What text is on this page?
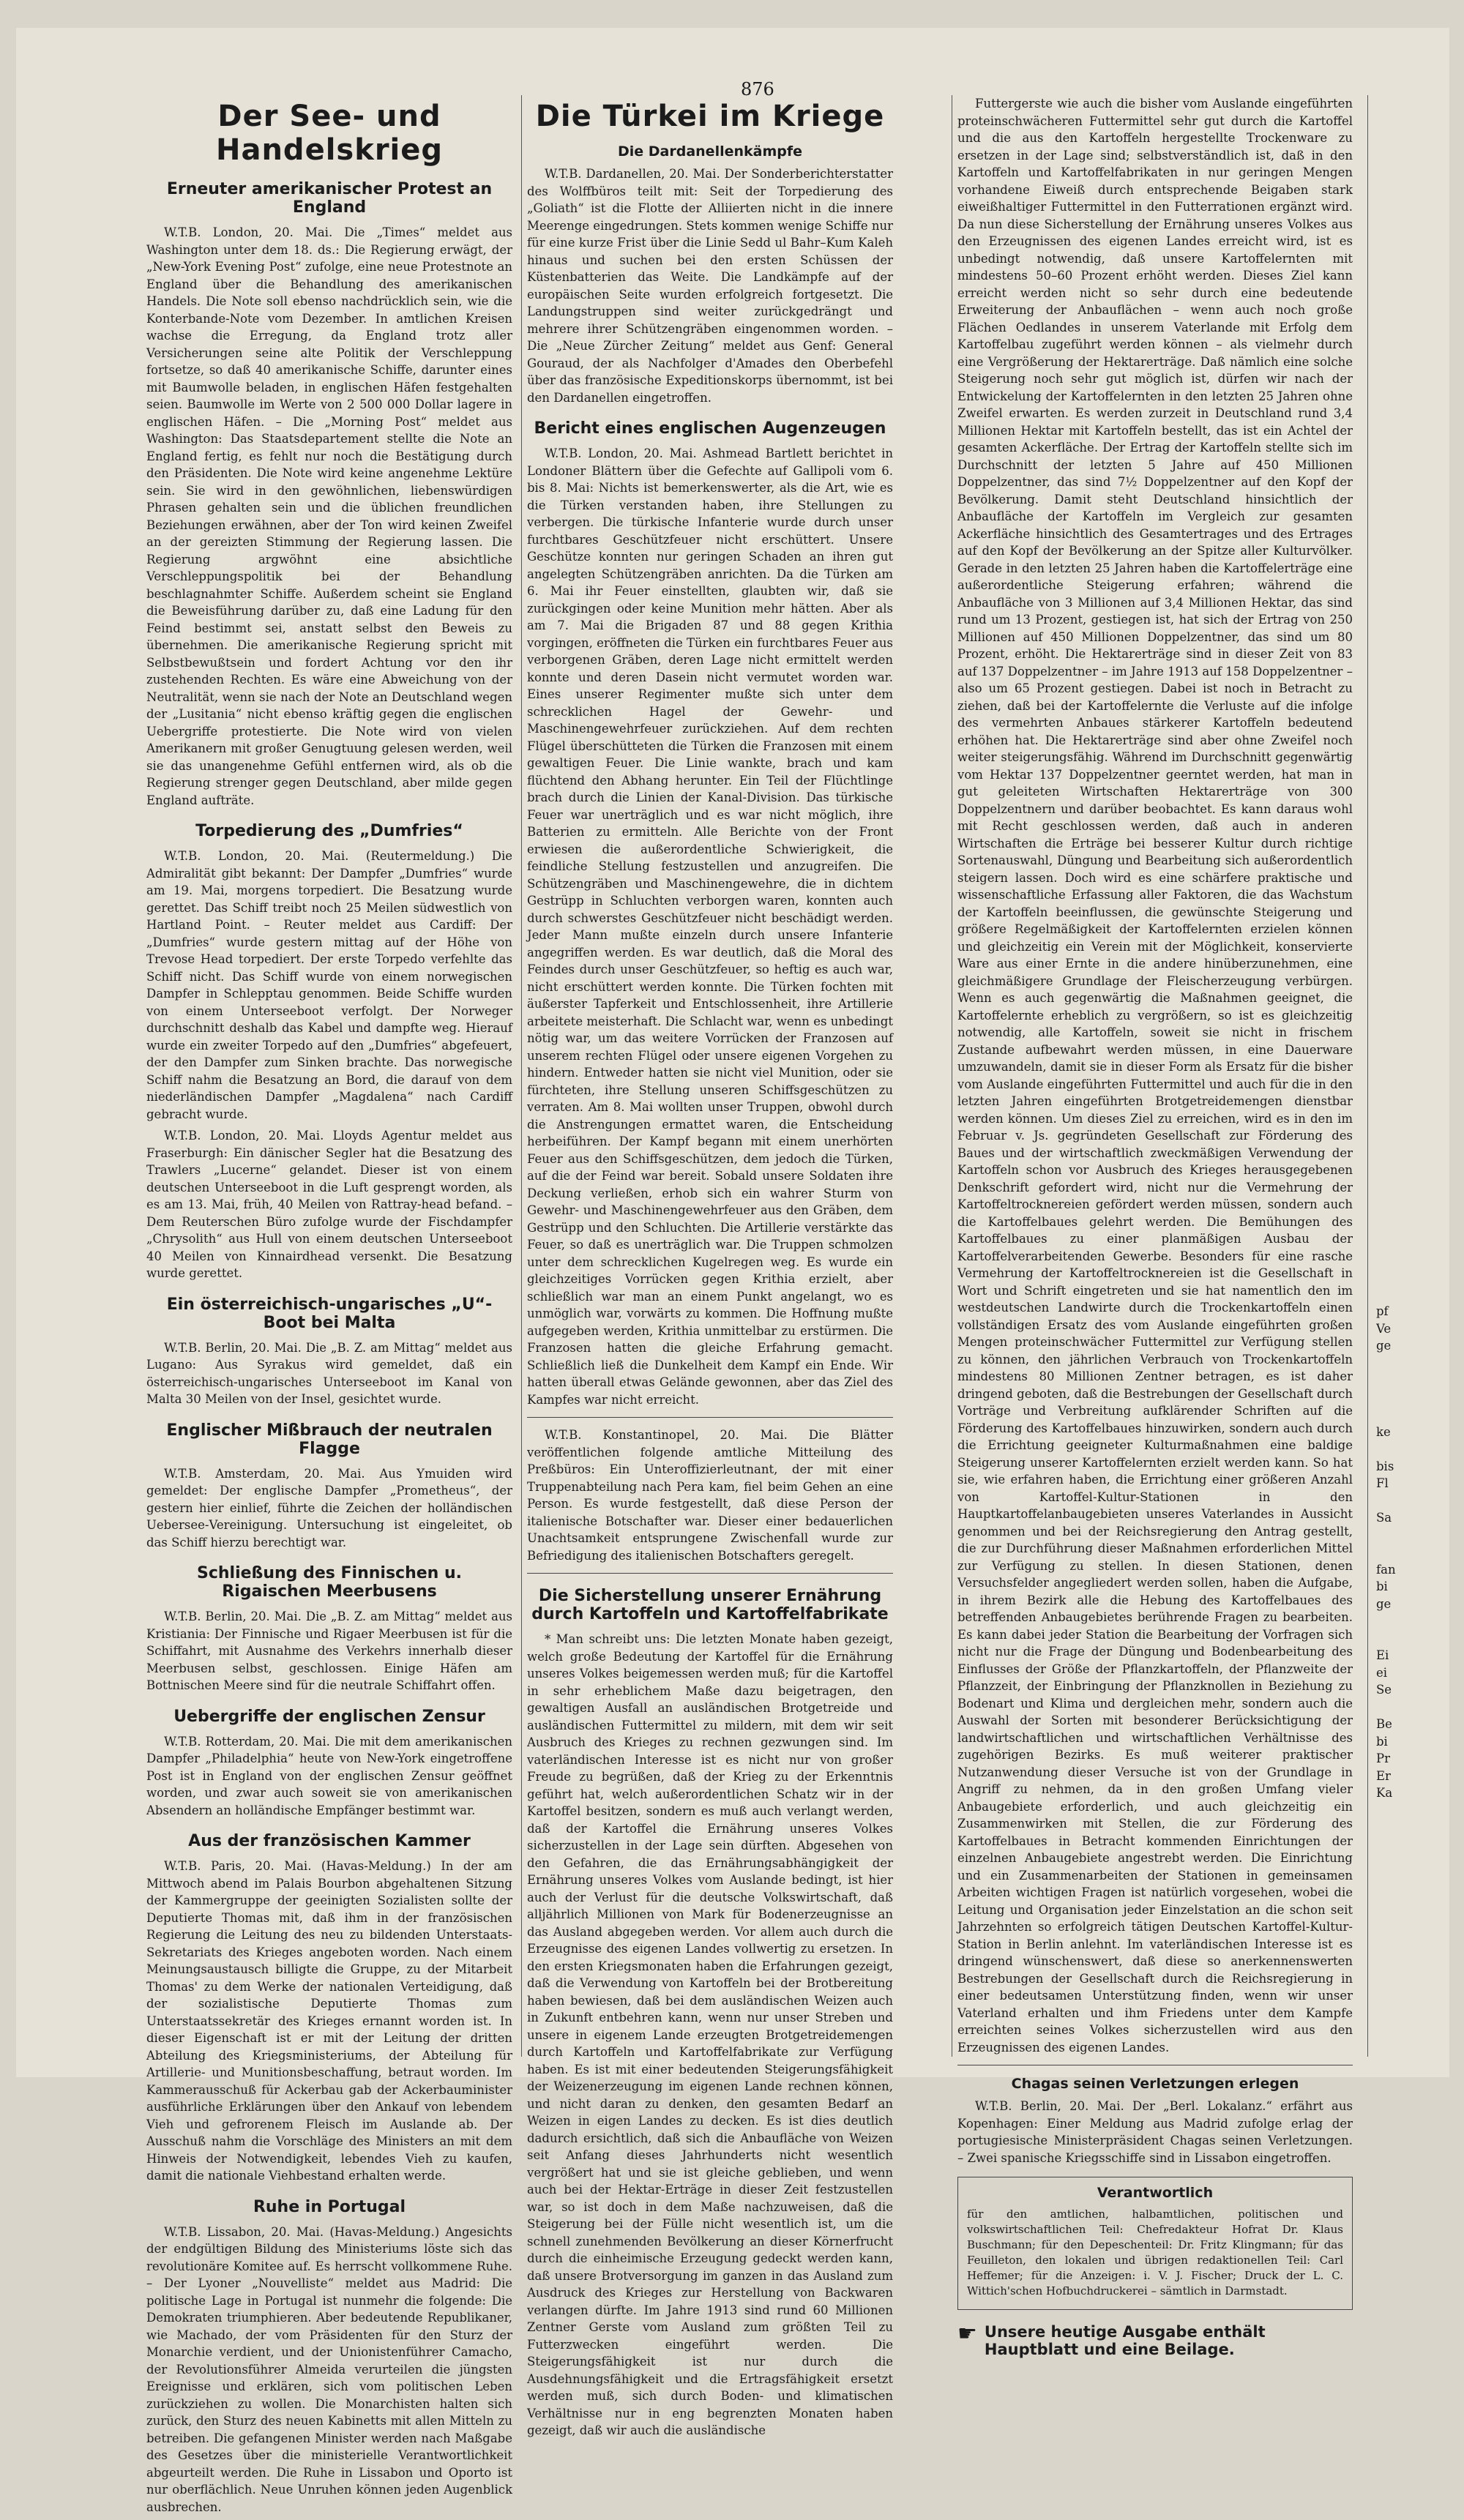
876
Der See- und Handelskrieg
Erneuter amerikanischer Protest an England

W.T.B. London, 20. Mai. Die „Times“ meldet aus Washington unter dem 18. ds.: Die Regierung erwägt, der „New-York Evening Post“ zufolge, eine neue Protestnote an England über die Behandlung des amerikanischen Handels. Die Note soll ebenso nachdrücklich sein, wie die Konterbande-Note vom Dezember. In amtlichen Kreisen wachse die Erregung, da England trotz aller Versicherungen seine alte Politik der Verschleppung fortsetze, so daß 40 amerikanische Schiffe, darunter eines mit Baumwolle beladen, in englischen Häfen festgehalten seien. Baumwolle im Werte von 2 500 000 Dollar lagere in englischen Häfen. – Die „Morning Post“ meldet aus Washington: Das Staatsdepartement stellte die Note an England fertig, es fehlt nur noch die Bestätigung durch den Präsidenten. Die Note wird keine angenehme Lektüre sein. Sie wird in den gewöhnlichen, liebenswürdigen Phrasen gehalten sein und die üblichen freundlichen Beziehungen erwähnen, aber der Ton wird keinen Zweifel an der gereizten Stimmung der Regierung lassen. Die Regierung argwöhnt eine absichtliche Verschleppungspolitik bei der Behandlung beschlagnahmter Schiffe. Außerdem scheint sie England die Beweisführung darüber zu, daß eine Ladung für den Feind bestimmt sei, anstatt selbst den Beweis zu übernehmen. Die amerikanische Regierung spricht mit Selbstbewußtsein und fordert Achtung vor den ihr zustehenden Rechten. Es wäre eine Abweichung von der Neutralität, wenn sie nach der Note an Deutschland wegen der „Lusitania“ nicht ebenso kräftig gegen die englischen Uebergriffe protestierte. Die Note wird von vielen Amerikanern mit großer Genugtuung gelesen werden, weil sie das unangenehme Gefühl entfernen wird, als ob die Regierung strenger gegen Deutschland, aber milde gegen England aufträte.

Torpedierung des „Dumfries“

W.T.B. London, 20. Mai. (Reutermeldung.) Die Admiralität gibt bekannt: Der Dampfer „Dumfries“ wurde am 19. Mai, morgens torpediert. Die Besatzung wurde gerettet. Das Schiff treibt noch 25 Meilen südwestlich von Hartland Point. – Reuter meldet aus Cardiff: Der „Dumfries“ wurde gestern mittag auf der Höhe von Trevose Head torpediert. Der erste Torpedo verfehlte das Schiff nicht. Das Schiff wurde von einem norwegischen Dampfer in Schlepptau genommen. Beide Schiffe wurden von einem Unterseeboot verfolgt. Der Norweger durchschnitt deshalb das Kabel und dampfte weg. Hierauf wurde ein zweiter Torpedo auf den „Dumfries“ abgefeuert, der den Dampfer zum Sinken brachte. Das norwegische Schiff nahm die Besatzung an Bord, die darauf von dem niederländischen Dampfer „Magdalena“ nach Cardiff gebracht wurde.

W.T.B. London, 20. Mai. Lloyds Agentur meldet aus Fraserburgh: Ein dänischer Segler hat die Besatzung des Trawlers „Lucerne“ gelandet. Dieser ist von einem deutschen Unterseeboot in die Luft gesprengt worden, als es am 13. Mai, früh, 40 Meilen von Rattray-head befand. – Dem Reuterschen Büro zufolge wurde der Fischdampfer „Chrysolith“ aus Hull von einem deutschen Unterseeboot 40 Meilen von Kinnairdhead versenkt. Die Besatzung wurde gerettet.

Ein österreichisch-ungarisches „U“-Boot bei Malta

W.T.B. Berlin, 20. Mai. Die „B. Z. am Mittag“ meldet aus Lugano: Aus Syrakus wird gemeldet, daß ein österreichisch-ungarisches Unterseeboot im Kanal von Malta 30 Meilen von der Insel, gesichtet wurde.

Englischer Mißbrauch der neutralen Flagge

W.T.B. Amsterdam, 20. Mai. Aus Ymuiden wird gemeldet: Der englische Dampfer „Prometheus“, der gestern hier einlief, führte die Zeichen der holländischen Ueberseе-Vereinigung. Untersuchung ist eingeleitet, ob das Schiff hierzu berechtigt war.

Schließung des Finnischen u. Rigaischen Meerbusens

W.T.B. Berlin, 20. Mai. Die „B. Z. am Mittag“ meldet aus Kristiania: Der Finnische und Rigaer Meerbusen ist für die Schiffahrt, mit Ausnahme des Verkehrs innerhalb dieser Meerbusen selbst, geschlossen. Einige Häfen am Bottnischen Meere sind für die neutrale Schiffahrt offen.

Uebergriffe der englischen Zensur

W.T.B. Rotterdam, 20. Mai. Die mit dem amerikanischen Dampfer „Philadelphia“ heute von New-York eingetroffene Post ist in England von der englischen Zensur geöffnet worden, und zwar auch soweit sie von amerikanischen Absendern an holländische Empfänger bestimmt war.

Aus der französischen Kammer

W.T.B. Paris, 20. Mai. (Havas-Meldung.) In der am Mittwoch abend im Palais Bourbon abgehaltenen Sitzung der Kammergruppe der geeinigten Sozialisten sollte der Deputierte Thomas mit, daß ihm in der französischen Regierung die Leitung des neu zu bildenden Unterstaats-Sekretariats des Krieges angeboten worden. Nach einem Meinungsaustausch billigte die Gruppe, zu der Mitarbeit Thomas' zu dem Werke der nationalen Verteidigung, daß der sozialistische Deputierte Thomas zum Unterstaatssekretär des Krieges ernannt worden ist. In dieser Eigenschaft ist er mit der Leitung der dritten Abteilung des Kriegsministeriums, der Abteilung für Artillerie- und Munitionsbeschaffung, betraut worden. Im Kammerausschuß für Ackerbau gab der Ackerbauminister ausführliche Erklärungen über den Ankauf von lebendem Vieh und gefrorenem Fleisch im Auslande ab. Der Ausschuß nahm die Vorschläge des Ministers an mit dem Hinweis der Notwendigkeit, lebendes Vieh zu kaufen, damit die nationale Viehbestand erhalten werde.

Ruhe in Portugal

W.T.B. Lissabon, 20. Mai. (Havas-Meldung.) Angesichts der endgültigen Bildung des Ministeriums löste sich das revolutionäre Komitee auf. Es herrscht vollkommene Ruhe. – Der Lyoner „Nouvelliste“ meldet aus Madrid: Die politische Lage in Portugal ist nunmehr die folgende: Die Demokraten triumphieren. Aber bedeutende Republikaner, wie Machado, der vom Präsidenten für den Sturz der Monarchie verdient, und der Unionistenführer Camacho, der Revolutionsführer Almeida verurteilen die jüngsten Ereignisse und erklären, sich vom politischen Leben zurückziehen zu wollen. Die Monarchisten halten sich zurück, den Sturz des neuen Kabinetts mit allen Mitteln zu betreiben. Die gefangenen Minister werden nach Maßgabe des Gesetzes über die ministerielle Verantwortlichkeit abgeurteilt werden. Die Ruhe in Lissabon und Oporto ist nur oberflächlich. Neue Unruhen können jeden Augenblick ausbrechen.

Die Türkei im Kriege
Die Dardanellenkämpfe

W.T.B. Dardanellen, 20. Mai. Der Sonderberichterstatter des Wolffbüros teilt mit: Seit der Torpedierung des „Goliath“ ist die Flotte der Alliierten nicht in die innere Meerenge eingedrungen. Stets kommen wenige Schiffe nur für eine kurze Frist über die Linie Sedd ul Bahr–Kum Kaleh hinaus und suchen bei den ersten Schüssen der Küstenbatterien das Weite. Die Landkämpfe auf der europäischen Seite wurden erfolgreich fortgesetzt. Die Landungstruppen sind weiter zurückgedrängt und mehrere ihrer Schützengräben eingenommen worden. – Die „Neue Zürcher Zeitung“ meldet aus Genf: General Gouraud, der als Nachfolger d'Amades den Oberbefehl über das französische Expeditionskorps übernommt, ist bei den Dardanellen eingetroffen.

Bericht eines englischen Augenzeugen

W.T.B. London, 20. Mai. Ashmead Bartlett berichtet in Londoner Blättern über die Gefechte auf Gallipoli vom 6. bis 8. Mai: Nichts ist bemerkenswerter, als die Art, wie es die Türken verstanden haben, ihre Stellungen zu verbergen. Die türkische Infanterie wurde durch unser furchtbares Geschützfeuer nicht erschüttert. Unsere Geschütze konnten nur geringen Schaden an ihren gut angelegten Schützengräben anrichten. Da die Türken am 6. Mai ihr Feuer einstellten, glaubten wir, daß sie zurückgingen oder keine Munition mehr hätten. Aber als am 7. Mai die Brigaden 87 und 88 gegen Krithia vorgingen, eröffneten die Türken ein furchtbares Feuer aus verborgenen Gräben, deren Lage nicht ermittelt werden konnte und deren Dasein nicht vermutet worden war. Eines unserer Regimenter mußte sich unter dem schrecklichen Hagel der Gewehr- und Maschinengewehrfeuer zurückziehen. Auf dem rechten Flügel überschütteten die Türken die Franzosen mit einem gewaltigen Feuer. Die Linie wankte, brach und kam flüchtend den Abhang herunter. Ein Teil der Flüchtlinge brach durch die Linien der Kanal-Division. Das türkische Feuer war unerträglich und es war nicht möglich, ihre Batterien zu ermitteln. Alle Berichte von der Front erwiesen die außerordentliche Schwierigkeit, die feindliche Stellung festzustellen und anzugreifen. Die Schützengräben und Maschinengewehre, die in dichtem Gestrüpp in Schluchten verborgen waren, konnten auch durch schwerstes Geschützfeuer nicht beschädigt werden. Jeder Mann mußte einzeln durch unsere Infanterie angegriffen werden. Es war deutlich, daß die Moral des Feindes durch unser Geschützfeuer, so heftig es auch war, nicht erschüttert werden konnte. Die Türken fochten mit äußerster Tapferkeit und Entschlossenheit, ihre Artillerie arbeitete meisterhaft. Die Schlacht war, wenn es unbedingt nötig war, um das weitere Vorrücken der Franzosen auf unserem rechten Flügel oder unsere eigenen Vorgehen zu hindern. Entweder hatten sie nicht viel Munition, oder sie fürchteten, ihre Stellung unseren Schiffsgeschützen zu verraten. Am 8. Mai wollten unser Truppen, obwohl durch die Anstrengungen ermattet waren, die Entscheidung herbeiführen. Der Kampf begann mit einem unerhörten Feuer aus den Schiffsgeschützen, dem jedoch die Türken, auf die der Feind war bereit. Sobald unsere Soldaten ihre Deckung verließen, erhob sich ein wahrer Sturm von Gewehr- und Maschinengewehrfeuer aus den Gräben, dem Gestrüpp und den Schluchten. Die Artillerie verstärkte das Feuer, so daß es unerträglich war. Die Truppen schmolzen unter dem schrecklichen Kugelregen weg. Es wurde ein gleichzeitiges Vorrücken gegen Krithia erzielt, aber schließlich war man an einem Punkt angelangt, wo es unmöglich war, vorwärts zu kommen. Die Hoffnung mußte aufgegeben werden, Krithia unmittelbar zu erstürmen. Die Franzosen hatten die gleiche Erfahrung gemacht. Schließlich ließ die Dunkelheit dem Kampf ein Ende. Wir hatten überall etwas Gelände gewonnen, aber das Ziel des Kampfes war nicht erreicht.

W.T.B. Konstantinopel, 20. Mai. Die Blätter veröffentlichen folgende amtliche Mitteilung des Preßbüros: Ein Unteroffizierleutnant, der mit einer Truppenabteilung nach Pera kam, fiel beim Gehen an eine Person. Es wurde festgestellt, daß diese Person der italienische Botschafter war. Dieser einer bedauerlichen Unachtsamkeit entsprungene Zwischenfall wurde zur Befriedigung des italienischen Botschafters geregelt.

Die Sicherstellung unserer Ernährung durch Kartoffeln und Kartoffelfabrikate

* Man schreibt uns: Die letzten Monate haben gezeigt, welch große Bedeutung der Kartoffel für die Ernährung unseres Volkes beigemessen werden muß; für die Kartoffel in sehr erheblichem Maße dazu beigetragen, den gewaltigen Ausfall an ausländischen Brotgetreide und ausländischen Futtermittel zu mildern, mit dem wir seit Ausbruch des Krieges zu rechnen gezwungen sind. Im vaterländischen Interesse ist es nicht nur von großer Freude zu begrüßen, daß der Krieg zu der Erkenntnis geführt hat, welch außerordentlichen Schatz wir in der Kartoffel besitzen, sondern es muß auch verlangt werden, daß der Kartoffel die Ernährung unseres Volkes sicherzustellen in der Lage sein dürften. Abgesehen von den Gefahren, die das Ernährungsabhängigkeit der Ernährung unseres Volkes vom Auslande bedingt, ist hier auch der Verlust für die deutsche Volkswirtschaft, daß alljährlich Millionen von Mark für Bodenerzeugnisse an das Ausland abgegeben werden. Vor allem auch durch die Erzeugnisse des eigenen Landes vollwertig zu ersetzen. In den ersten Kriegsmonaten haben die Erfahrungen gezeigt, daß die Verwendung von Kartoffeln bei der Brotbereitung haben bewiesen, daß bei dem ausländischen Weizen auch in Zukunft entbehren kann, wenn nur unser Streben und unsere in eigenem Lande erzeugten Brotgetreidemengen durch Kartoffeln und Kartoffelfabrikate zur Verfügung haben. Es ist mit einer bedeutenden Steigerungsfähigkeit der Weizenerzeugung im eigenen Lande rechnen können, und nicht daran zu denken, den gesamten Bedarf an Weizen in eigen Landes zu decken. Es ist dies deutlich dadurch ersichtlich, daß sich die Anbaufläche von Weizen seit Anfang dieses Jahrhunderts nicht wesentlich vergrößert hat und sie ist gleiche geblieben, und wenn auch bei der Hektar-Erträge in dieser Zeit festzustellen war, so ist doch in dem Maße nachzuweisen, daß die Steigerung bei der Fülle nicht wesentlich ist, um die schnell zunehmenden Bevölkerung an dieser Körnerfrucht durch die einheimische Erzeugung gedeckt werden kann, daß unsere Brotversorgung im ganzen in das Ausland zum Ausdruck des Krieges zur Herstellung von Backwaren verlangen dürfte. Im Jahre 1913 sind rund 60 Millionen Zentner Gerste vom Ausland zum größten Teil zu Futterzwecken eingeführt werden. Die Steigerungsfähigkeit ist nur durch die Ausdehnungsfähigkeit und die Ertragsfähigkeit ersetzt werden muß, sich durch Boden- und klimatischen Verhältnisse nur in eng begrenzten Monaten haben gezeigt, daß wir auch die ausländische

Futtergerste wie auch die bisher vom Auslande eingeführten proteinschwächeren Futtermittel sehr gut durch die Kartoffel und die aus den Kartoffeln hergestellte Trockenware zu ersetzen in der Lage sind; selbstverständlich ist, daß in den Kartoffeln und Kartoffelfabrikaten in nur geringen Mengen vorhandene Eiweiß durch entsprechende Beigaben stark eiweißhaltiger Futtermittel in den Futterrationen ergänzt wird. Da nun diese Sicherstellung der Ernährung unseres Volkes aus den Erzeugnissen des eigenen Landes erreicht wird, ist es unbedingt notwendig, daß unsere Kartoffelernten mit mindestens 50–60 Prozent erhöht werden. Dieses Ziel kann erreicht werden nicht so sehr durch eine bedeutende Erweiterung der Anbauflächen – wenn auch noch große Flächen Oedlandes in unserem Vaterlande mit Erfolg dem Kartoffelbau zugeführt werden können – als vielmehr durch eine Vergrößerung der Hektarerträge. Daß nämlich eine solche Steigerung noch sehr gut möglich ist, dürfen wir nach der Entwickelung der Kartoffelernten in den letzten 25 Jahren ohne Zweifel erwarten. Es werden zurzeit in Deutschland rund 3,4 Millionen Hektar mit Kartoffeln bestellt, das ist ein Achtel der gesamten Ackerfläche. Der Ertrag der Kartoffeln stellte sich im Durchschnitt der letzten 5 Jahre auf 450 Millionen Doppelzentner, das sind 7½ Doppelzentner auf den Kopf der Bevölkerung. Damit steht Deutschland hinsichtlich der Anbaufläche der Kartoffeln im Vergleich zur gesamten Ackerfläche hinsichtlich des Gesamtertrages und des Ertrages auf den Kopf der Bevölkerung an der Spitze aller Kulturvölker. Gerade in den letzten 25 Jahren haben die Kartoffelerträge eine außerordentliche Steigerung erfahren; während die Anbaufläche von 3 Millionen auf 3,4 Millionen Hektar, das sind rund um 13 Prozent, gestiegen ist, hat sich der Ertrag von 250 Millionen auf 450 Millionen Doppelzentner, das sind um 80 Prozent, erhöht. Die Hektarerträge sind in dieser Zeit von 83 auf 137 Doppelzentner – im Jahre 1913 auf 158 Doppelzentner – also um 65 Prozent gestiegen. Dabei ist noch in Betracht zu ziehen, daß bei der Kartoffelernte die Verluste auf die infolge des vermehrten Anbaues stärkerer Kartoffeln bedeutend erhöhen hat. Die Hektarerträge sind aber ohne Zweifel noch weiter steigerungsfähig. Während im Durchschnitt gegenwärtig vom Hektar 137 Doppelzentner geerntet werden, hat man in gut geleiteten Wirtschaften Hektarerträge von 300 Doppelzentnern und darüber beobachtet. Es kann daraus wohl mit Recht geschlossen werden, daß auch in anderen Wirtschaften die Erträge bei besserer Kultur durch richtige Sortenauswahl, Düngung und Bearbeitung sich außerordentlich steigern lassen. Doch wird es eine schärfere praktische und wissenschaftliche Erfassung aller Faktoren, die das Wachstum der Kartoffeln beeinflussen, die gewünschte Steigerung und größere Regelmäßigkeit der Kartoffelernten erzielen können und gleichzeitig ein Verein mit der Möglichkeit, konservierte Ware aus einer Ernte in die andere hinüberzunehmen, eine gleichmäßigere Grundlage der Fleischerzeugung verbürgen. Wenn es auch gegenwärtig die Maßnahmen geeignet, die Kartoffelernte erheblich zu vergrößern, so ist es gleichzeitig notwendig, alle Kartoffeln, soweit sie nicht in frischem Zustande aufbewahrt werden müssen, in eine Dauerware umzuwandeln, damit sie in dieser Form als Ersatz für die bisher vom Auslande eingeführten Futtermittel und auch für die in den letzten Jahren eingeführten Brotgetreidemengen dienstbar werden können. Um dieses Ziel zu erreichen, wird es in den im Februar v. Js. gegründeten Gesellschaft zur Förderung des Baues und der wirtschaftlich zweckmäßigen Verwendung der Kartoffeln schon vor Ausbruch des Krieges herausgegebenen Denkschrift gefordert wird, nicht nur die Vermehrung der Kartoffeltrocknereien gefördert werden müssen, sondern auch die Kartoffelbaues gelehrt werden. Die Bemühungen des Kartoffelbaues zu einer planmäßigen Ausbau der Kartoffelverarbeitenden Gewerbe. Besonders für eine rasche Vermehrung der Kartoffeltrocknereien ist die Gesellschaft in Wort und Schrift eingetreten und sie hat namentlich den im westdeutschen Landwirte durch die Trockenkartoffeln einen vollständigen Ersatz des vom Auslande eingeführten großen Mengen proteinschwächer Futtermittel zur Verfügung stellen zu können, den jährlichen Verbrauch von Trockenkartoffeln mindestens 80 Millionen Zentner betragen, es ist daher dringend geboten, daß die Bestrebungen der Gesellschaft durch Vorträge und Verbreitung aufklärender Schriften auf die Förderung des Kartoffelbaues hinzuwirken, sondern auch durch die Errichtung geeigneter Kulturmaßnahmen eine baldige Steigerung unserer Kartoffelernten erzielt werden kann. So hat sie, wie erfahren haben, die Errichtung einer größeren Anzahl von Kartoffel-Kultur-Stationen in den Hauptkartoffelanbaugebieten unseres Vaterlandes in Aussicht genommen und bei der Reichsregierung den Antrag gestellt, die zur Durchführung dieser Maßnahmen erforderlichen Mittel zur Verfügung zu stellen. In diesen Stationen, denen Versuchsfelder angegliedert werden sollen, haben die Aufgabe, in ihrem Bezirk alle die Hebung des Kartoffelbaues des betreffenden Anbaugebietes berührende Fragen zu bearbeiten. Es kann dabei jeder Station die Bearbeitung der Vorfragen sich nicht nur die Frage der Düngung und Bodenbearbeitung des Einflusses der Größe der Pflanzkartoffeln, der Pflanzweite der Pflanzzeit, der Einbringung der Pflanzknollen in Beziehung zu Bodenart und Klima und dergleichen mehr, sondern auch die Auswahl der Sorten mit besonderer Berücksichtigung der landwirtschaftlichen und wirtschaftlichen Verhältnisse des zugehörigen Bezirks. Es muß weiterer praktischer Nutzanwendung dieser Versuche ist von der Grundlage in Angriff zu nehmen, da in den großen Umfang vieler Anbaugebiete erforderlich, und auch gleichzeitig ein Zusammenwirken mit Stellen, die zur Förderung des Kartoffelbaues in Betracht kommenden Einrichtungen der einzelnen Anbaugebiete angestrebt werden. Die Einrichtung und ein Zusammenarbeiten der Stationen in gemeinsamen Arbeiten wichtigen Fragen ist natürlich vorgesehen, wobei die Leitung und Organisation jeder Einzelstation an die schon seit Jahrzehnten so erfolgreich tätigen Deutschen Kartoffel-Kultur-Station in Berlin anlehnt. Im vaterländischen Interesse ist es dringend wünschenswert, daß diese so anerkennenswerten Bestrebungen der Gesellschaft durch die Reichsregierung in einer bedeutsamen Unterstützung finden, wenn wir unser Vaterland erhalten und ihm Friedens unter dem Kampfe erreichten seines Volkes sicherzustellen wird aus den Erzeugnissen des eigenen Landes.

Chagas seinen Verletzungen erlegen

W.T.B. Berlin, 20. Mai. Der „Berl. Lokalanz.“ erfährt aus Kopenhagen: Einer Meldung aus Madrid zufolge erlag der portugiesische Ministerpräsident Chagas seinen Verletzungen. – Zwei spanische Kriegsschiffe sind in Lissabon eingetroffen.

Verantwortlich

für den amtlichen, halbamtlichen, politischen und volkswirtschaftlichen Teil: Chefredakteur Hofrat Dr. Klaus Buschmann; für den Depeschenteil: Dr. Fritz Klingmann; für das Feuilleton, den lokalen und übrigen redaktionellen Teil: Carl Heffemer; für die Anzeigen: i. V. J. Fischer; Druck der L. C. Wittich'schen Hofbuchdruckerei – sämtlich in Darmstadt.

☛ Unsere heutige Ausgabe enthält Hauptblatt und eine Beilage.
pf
Ve
ge
ke
bis
Fl
Sa
fan
bi
ge
Ei
ei
Se
Be
bi
Pr
Er
Ka
